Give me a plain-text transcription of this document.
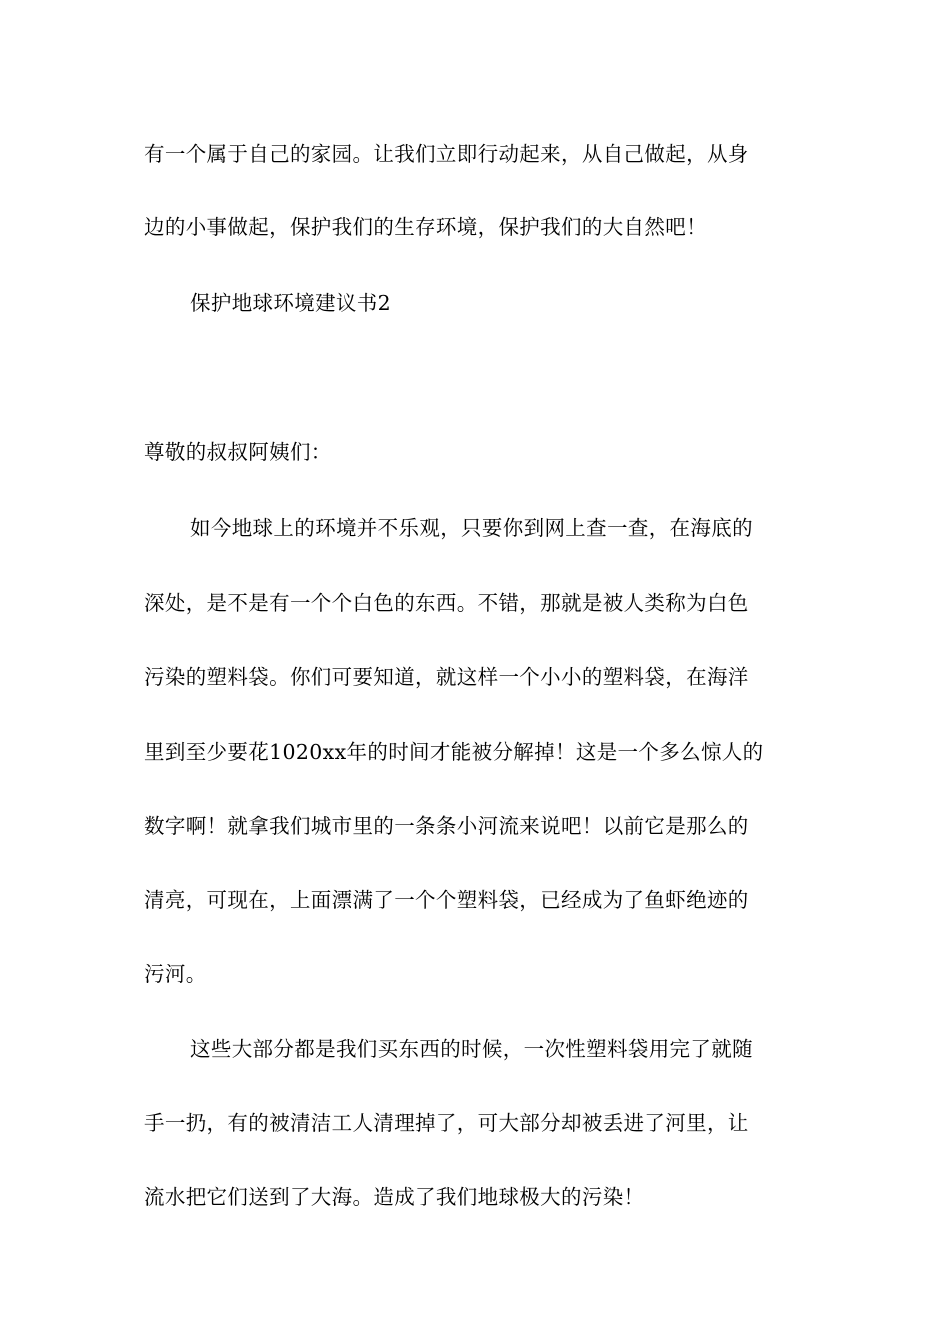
有一个属于自己的家园。让我们立即行动起来，从自己做起，从身
边的小事做起，保护我们的生存环境，保护我们的大自然吧！
保护地球环境建议书2
尊敬的叔叔阿姨们：
如今地球上的环境并不乐观，只要你到网上查一查，在海底的
深处，是不是有一个个白色的东西。不错，那就是被人类称为白色
污染的塑料袋。你们可要知道，就这样一个小小的塑料袋，在海洋
里到至少要花1020xx年的时间才能被分解掉！这是一个多么惊人的
数字啊！就拿我们城市里的一条条小河流来说吧！以前它是那么的
清亮，可现在，上面漂满了一个个塑料袋，已经成为了鱼虾绝迹的
污河。
这些大部分都是我们买东西的时候，一次性塑料袋用完了就随
手一扔，有的被清洁工人清理掉了，可大部分却被丢进了河里，让
流水把它们送到了大海。造成了我们地球极大的污染！
